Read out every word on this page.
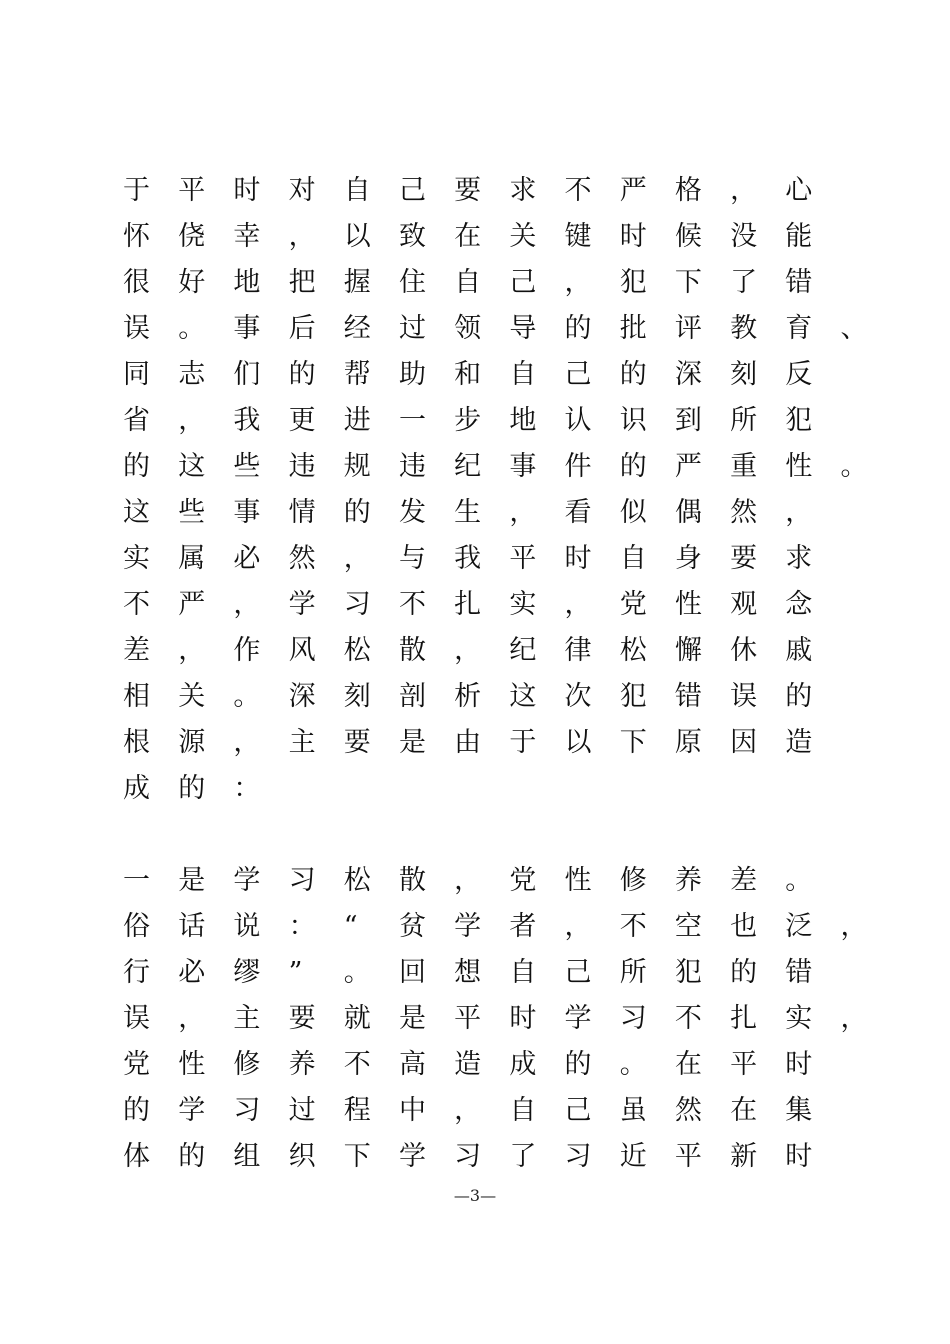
于	平	时	对	自	己	要	求	不	严	格	，	心
怀	侥	幸	，	以	致	在	关	键	时	候	没	能
很	好	地	把	握	住	自	己	，	犯	下	了	错
误	。	事	后	经	过	领	导	的	批	评	教	育	、
同	志	们	的	帮	助	和	自	己	的	深	刻	反
省	，	我	更	进	一	步	地	认	识	到	所	犯
的	这	些	违	规	违	纪	事	件	的	严	重	性	。
这	些	事	情	的	发	生	，	看	似	偶	然	，
实	属	必	然	，	与	我	平	时	自	身	要	求
不	严	，	学	习	不	扎	实	，	党	性	观	念
差	，	作	风	松	散	，	纪	律	松	懈	休	戚
相	关	。	深	刻	剖	析	这	次	犯	错	误	的
根	源	，	主	要	是	由	于	以	下	原	因	造
成	的	：
一	是	学	习	松	散	，	党	性	修	养	差	。
俗	话	说	：	“	贫	学	者	，	不	空	也	泛	，
行	必	缪	”	。	回	想	自	己	所	犯	的	错
误	，	主	要	就	是	平	时	学	习	不	扎	实	，
党	性	修	养	不	高	造	成	的	。	在	平	时
的	学	习	过	程	中	，	自	己	虽	然	在	集
体	的	组	织	下	学	习	了	习	近	平	新	时
—3—
